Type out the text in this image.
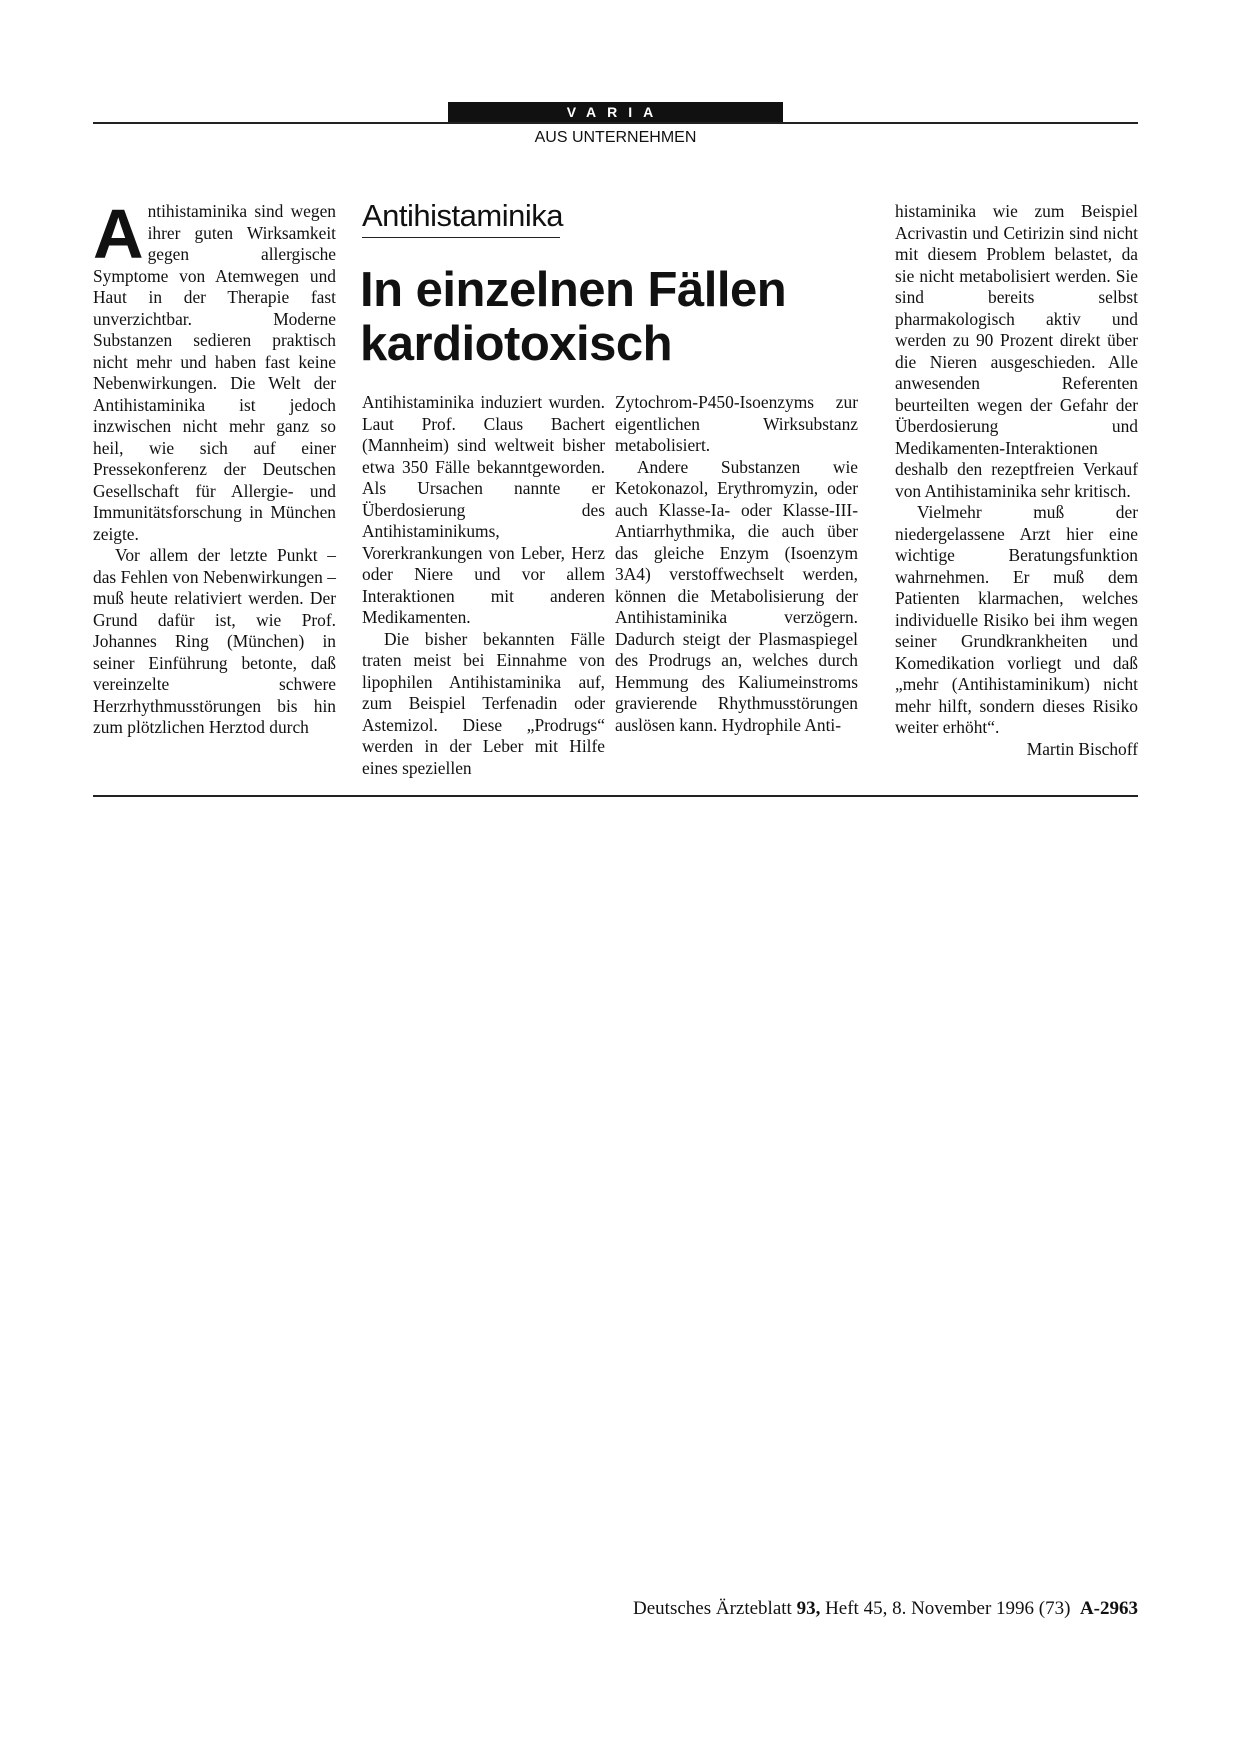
VARIA
AUS UNTERNEHMEN
Antihistaminika
In einzelnen Fällen
kardiotoxisch

Antihistaminika sind wegen ihrer guten Wirksamkeit gegen allergische Symptome von Atemwegen und Haut in der Therapie fast unverzichtbar. Moderne Substanzen sedieren praktisch nicht mehr und haben fast keine Nebenwirkungen. Die Welt der Antihistaminika ist jedoch inzwischen nicht mehr ganz so heil, wie sich auf einer Pressekonferenz der Deutschen Gesellschaft für Allergie- und Immunitätsforschung in München zeigte.

Vor allem der letzte Punkt – das Fehlen von Nebenwirkungen – muß heute relativiert werden. Der Grund dafür ist, wie Prof. Johannes Ring (München) in seiner Einführung betonte, daß vereinzelte schwere Herzrhythmusstörungen bis hin zum plötzlichen Herztod durch

Antihistaminika induziert wurden. Laut Prof. Claus Bachert (Mannheim) sind weltweit bisher etwa 350 Fälle bekanntgeworden. Als Ursachen nannte er Überdosierung des Antihistaminikums, Vorerkrankungen von Leber, Herz oder Niere und vor allem Interaktionen mit anderen Medikamenten.

Die bisher bekannten Fälle traten meist bei Einnahme von lipophilen Antihistaminika auf, zum Beispiel Terfenadin oder Astemizol. Diese „Prodrugs“ werden in der Leber mit Hilfe eines speziellen

Zytochrom-P450-Isoenzyms zur eigentlichen Wirksubstanz metabolisiert.

Andere Substanzen wie Ketokonazol, Erythromyzin, oder auch Klasse-Ia- oder Klasse-III-Antiarrhythmika, die auch über das gleiche Enzym (Isoenzym 3A4) verstoffwechselt werden, können die Metabolisierung der Antihistaminika verzögern. Dadurch steigt der Plasmaspiegel des Prodrugs an, welches durch Hemmung des Kaliumeinstroms gravierende Rhythmusstörungen auslösen kann. Hydrophile Anti-

histaminika wie zum Beispiel Acrivastin und Cetirizin sind nicht mit diesem Problem belastet, da sie nicht metabolisiert werden. Sie sind bereits selbst pharmakologisch aktiv und werden zu 90 Prozent direkt über die Nieren ausgeschieden. Alle anwesenden Referenten beurteilten wegen der Gefahr der Überdosierung und Medikamenten-Interaktionen deshalb den rezeptfreien Verkauf von Antihistaminika sehr kritisch.

Vielmehr muß der niedergelassene Arzt hier eine wichtige Beratungsfunktion wahrnehmen. Er muß dem Patienten klarmachen, welches individuelle Risiko bei ihm wegen seiner Grundkrankheiten und Komedikation vorliegt und daß „mehr (Antihistaminikum) nicht mehr hilft, sondern dieses Risiko weiter erhöht“.

Martin Bischoff
Deutsches Ärzteblatt 93, Heft 45, 8. November 1996 (73) A-2963
